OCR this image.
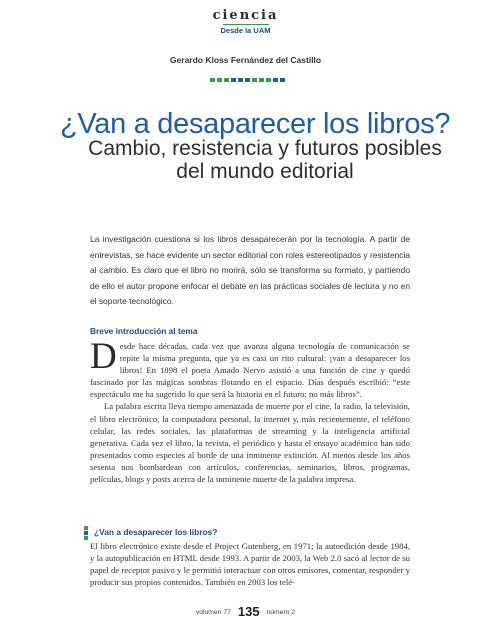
ciencia
Desde la UAM
Gerardo Kloss Fernández del Castillo
¿Van a desaparecer los libros?
Cambio, resistencia y futuros posibles del mundo editorial
La investigación cuestiona si los libros desaparecerán por la tecnología. A partir de entrevistas, se hace evidente un sector editorial con roles estereotipados y resistencia al cambio. Es claro que el libro no morirá, sólo se transforma su formato, y partiendo de ello el autor propone enfocar el debate en las prácticas sociales de lectura y no en el soporte tecnológico.
Breve introducción al tema

Desde hace décadas, cada vez que avanza alguna tecnología de comunicación se repite la misma pregunta, que ya es casi un rito cultural: ¡van a desaparecer los libros! En 1898 el poeta Amado Nervo asistió a una función de cine y quedó fascinado por las mágicas sombras flotando en el espacio. Días después escribió: “este espectáculo me ha sugerido lo que será la historia en el futuro: no más libros”.

La palabra escrita lleva tiempo amenazada de muerte por el cine, la radio, la televisión, el libro electrónico, la computadora personal, la internet y, más recientemente, el teléfono celular, las redes sociales, las plataformas de streaming y la inteligencia artificial generativa. Cada vez el libro, la revista, el periódico y hasta el ensayo académico han sido presentados como especies al borde de una inminente extinción. Al menos desde los años sesenta nos bombardean con artículos, conferencias, seminarios, libros, programas, películas, blogs y posts acerca de la inminente muerte de la palabra impresa.

¿Van a desaparecer los libros?
El libro electrónico existe desde el Project Gutenberg, en 1971; la autoedición desde 1984, y la autopublicación en HTML desde 1993. A partir de 2003, la Web 2.0 sacó al lector de su papel de receptor pasivo y le permitió interactuar con otros emisores, comentar, responder y producir sus propios contenidos. También en 2003 los telé-
volumen 77 135 número 2
